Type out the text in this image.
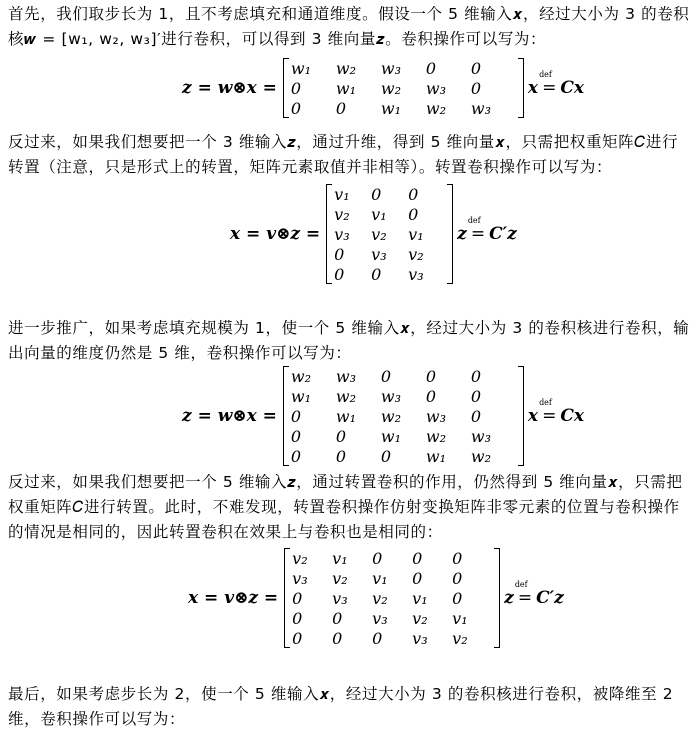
首先，我们取步长为 1，且不考虑填充和通道维度。假设一个 5 维输入𝒙，经过大小为 3 的卷积核𝒘 = [w₁, w₂, w₃]′进行卷积，可以得到 3 维向量𝒛。卷积操作可以写为：
z = w⊗x =
w₁	w₂	w₃	0	0
0	w₁	w₂	w₃	0
0	0	w₁	w₂	w₃
x =
def
Cx
反过来，如果我们想要把一个 3 维输入𝒛，通过升维，得到 5 维向量𝒙，只需把权重矩阵𝐶进行转置（注意，只是形式上的转置，矩阵元素取值并非相等）。转置卷积操作可以写为：
x = v⊗z =
v₁	0	0
v₂	v₁	0
v₃	v₂	v₁
0	v₃	v₂
0	0	v₃
z =
def
C′z
进一步推广，如果考虑填充规模为 1，使一个 5 维输入𝒙，经过大小为 3 的卷积核进行卷积，输出向量的维度仍然是 5 维，卷积操作可以写为：
z = w⊗x =
w₂	w₃	0	0	0
w₁	w₂	w₃	0	0
0	w₁	w₂	w₃	0
0	0	w₁	w₂	w₃
0	0	0	w₁	w₂
x =
def
Cx
反过来，如果我们想要把一个 5 维输入𝒛，通过转置卷积的作用，仍然得到 5 维向量𝒙，只需把权重矩阵𝐶进行转置。此时，不难发现，转置卷积操作仿射变换矩阵非零元素的位置与卷积操作的情况是相同的，因此转置卷积在效果上与卷积也是相同的：
x = v⊗z =
v₂	v₁	0	0	0
v₃	v₂	v₁	0	0
0	v₃	v₂	v₁	0
0	0	v₃	v₂	v₁
0	0	0	v₃	v₂
z =
def
C′z
最后，如果考虑步长为 2，使一个 5 维输入𝒙，经过大小为 3 的卷积核进行卷积，被降维至 2 维，卷积操作可以写为：
